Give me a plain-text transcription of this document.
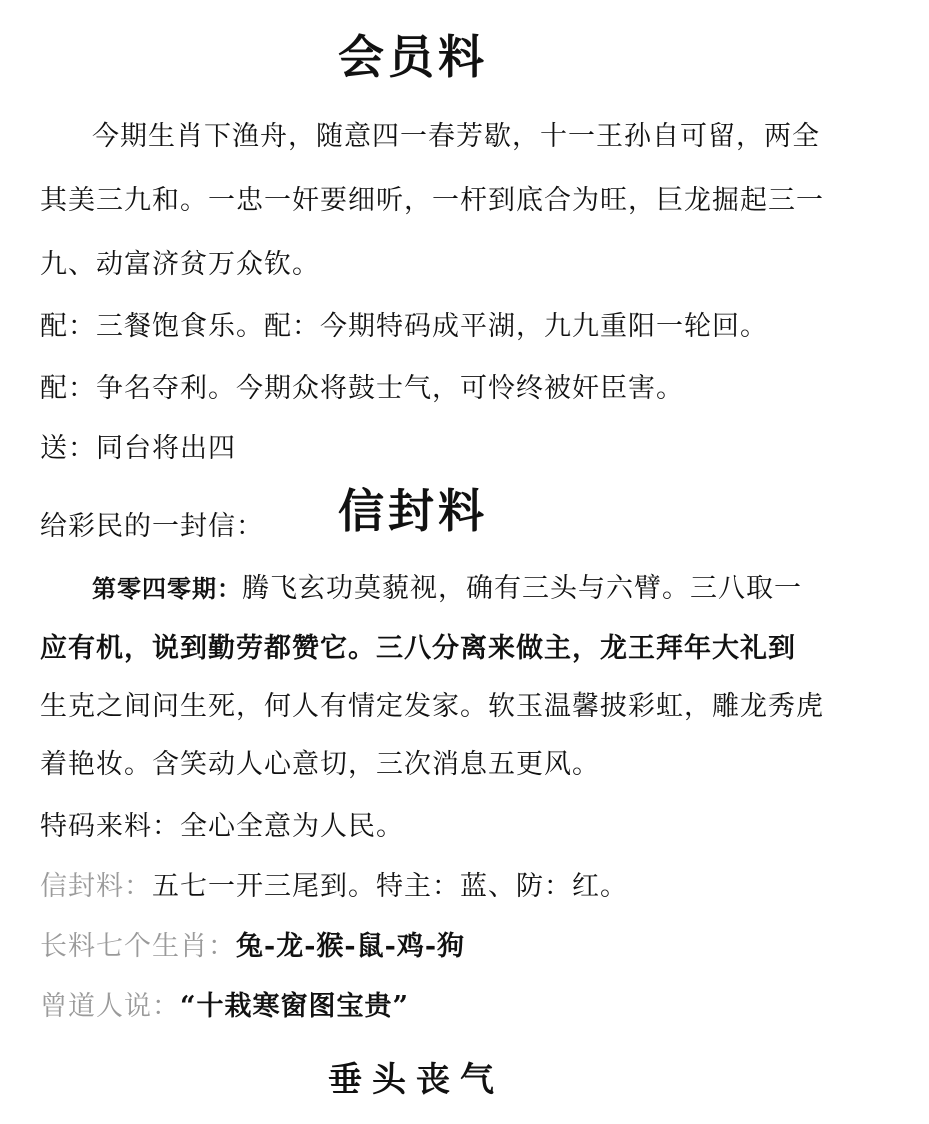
会员料
今期生肖下渔舟，随意四一春芳歇，十一王孙自可留，两全
其美三九和。一忠一奸要细听，一杆到底合为旺，巨龙掘起三一
九、动富济贫万众钦。
配：三餐饱食乐。配：今期特码成平湖，九九重阳一轮回。
配：争名夺利。今期众将鼓士气，可怜终被奸臣害。
送：同台将出四
给彩民的一封信： 信封料
第零四零期：腾飞玄功莫藐视，确有三头与六臂。三八取一
应有机，说到勤劳都赞它。三八分离来做主，龙王拜年大礼到
生克之间问生死，何人有情定发家。软玉温馨披彩虹，雕龙秀虎
着艳妆。含笑动人心意切，三次消息五更风。
特码来料：全心全意为人民。
信封料：五七一开三尾到。特主：蓝、防：红。
长料七个生肖：兔-龙-猴-鼠-鸡-狗
曾道人说：“十栽寒窗图宝贵”
垂头丧气
